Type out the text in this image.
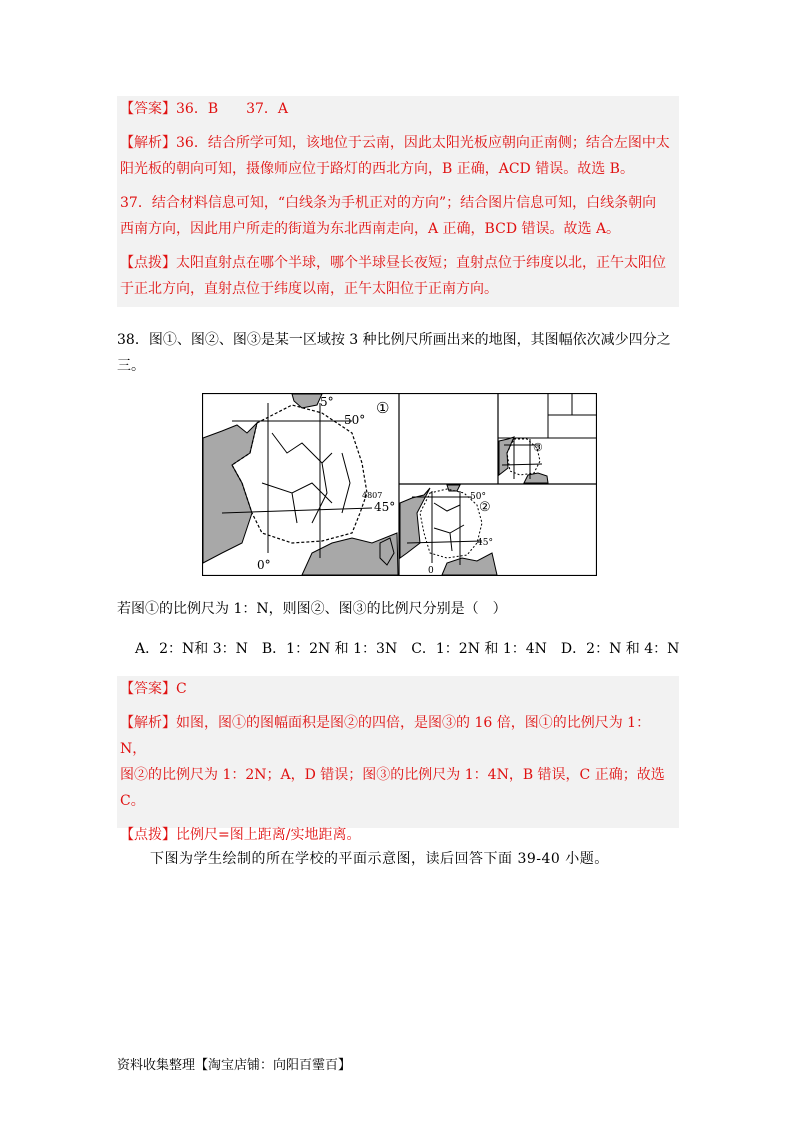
【答案】36．B　　37．A

【解析】36．结合所学可知，该地位于云南，因此太阳光板应朝向正南侧；结合左图中太
阳光板的朝向可知，摄像师应位于路灯的西北方向，B 正确，ACD 错误。故选 B。

37．结合材料信息可知，“白线条为手机正对的方向”；结合图片信息可知，白线条朝向
西南方向，因此用户所走的街道为东北西南走向，A 正确，BCD 错误。故选 A。

【点拨】太阳直射点在哪个半球，哪个半球昼长夜短；直射点位于纬度以北，正午太阳位
于正北方向，直射点位于纬度以南，正午太阳位于正南方向。

38．图①、图②、图③是某一区域按 3 种比例尺所画出来的地图，其图幅依次减少四分之
三。

5°
50°
45°
0°
4807
①
50°
45°
0
②
③

若图①的比例尺为 1：N，则图②、图③的比例尺分别是（　）

A．2：N和 3：N　B．1：2N 和 1：3N　C．1：2N 和 1：4N　D．2：N 和 4：N

【答案】C

【解析】如图，图①的图幅面积是图②的四倍，是图③的 16 倍，图①的比例尺为 1：N，
图②的比例尺为 1：2N；A，D 错误；图③的比例尺为 1：4N，B 错误，C 正确；故选
C。

【点拨】比例尺=图上距离/实地距离。

下图为学生绘制的所在学校的平面示意图，读后回答下面 39-40 小题。
资料收集整理【淘宝店铺：向阳百𤫊百】
